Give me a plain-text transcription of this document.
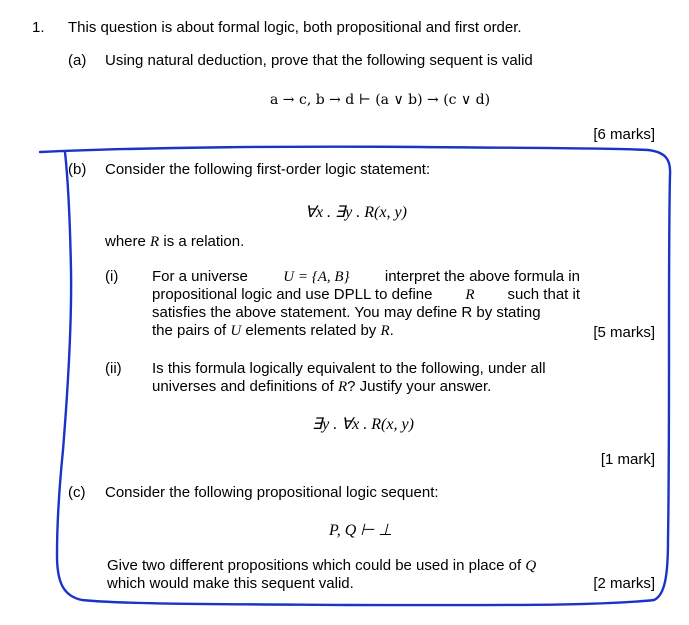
1. This question is about formal logic, both propositional and first order.
(a) Using natural deduction, prove that the following sequent is valid
a → c, b → d ⊢ (a ∨ b) → (c ∨ d)
[6 marks]
(b) Consider the following first-order logic statement:
∀x . ∃y . R(x, y)
where R is a relation.
(i) For a universe U = {A, B} interpret the above formula in
propositional logic and use DPLL to define R such that it
satisfies the above statement. You may define R by stating
the pairs of U elements related by R.	[5 marks]
(ii) Is this formula logically equivalent to the following, under all
universes and definitions of R? Justify your answer.
∃y . ∀x . R(x, y)
[1 mark]
(c) Consider the following propositional logic sequent:
P, Q ⊢ ⊥
Give two different propositions which could be used in place of Q
which would make this sequent valid.	[2 marks]
